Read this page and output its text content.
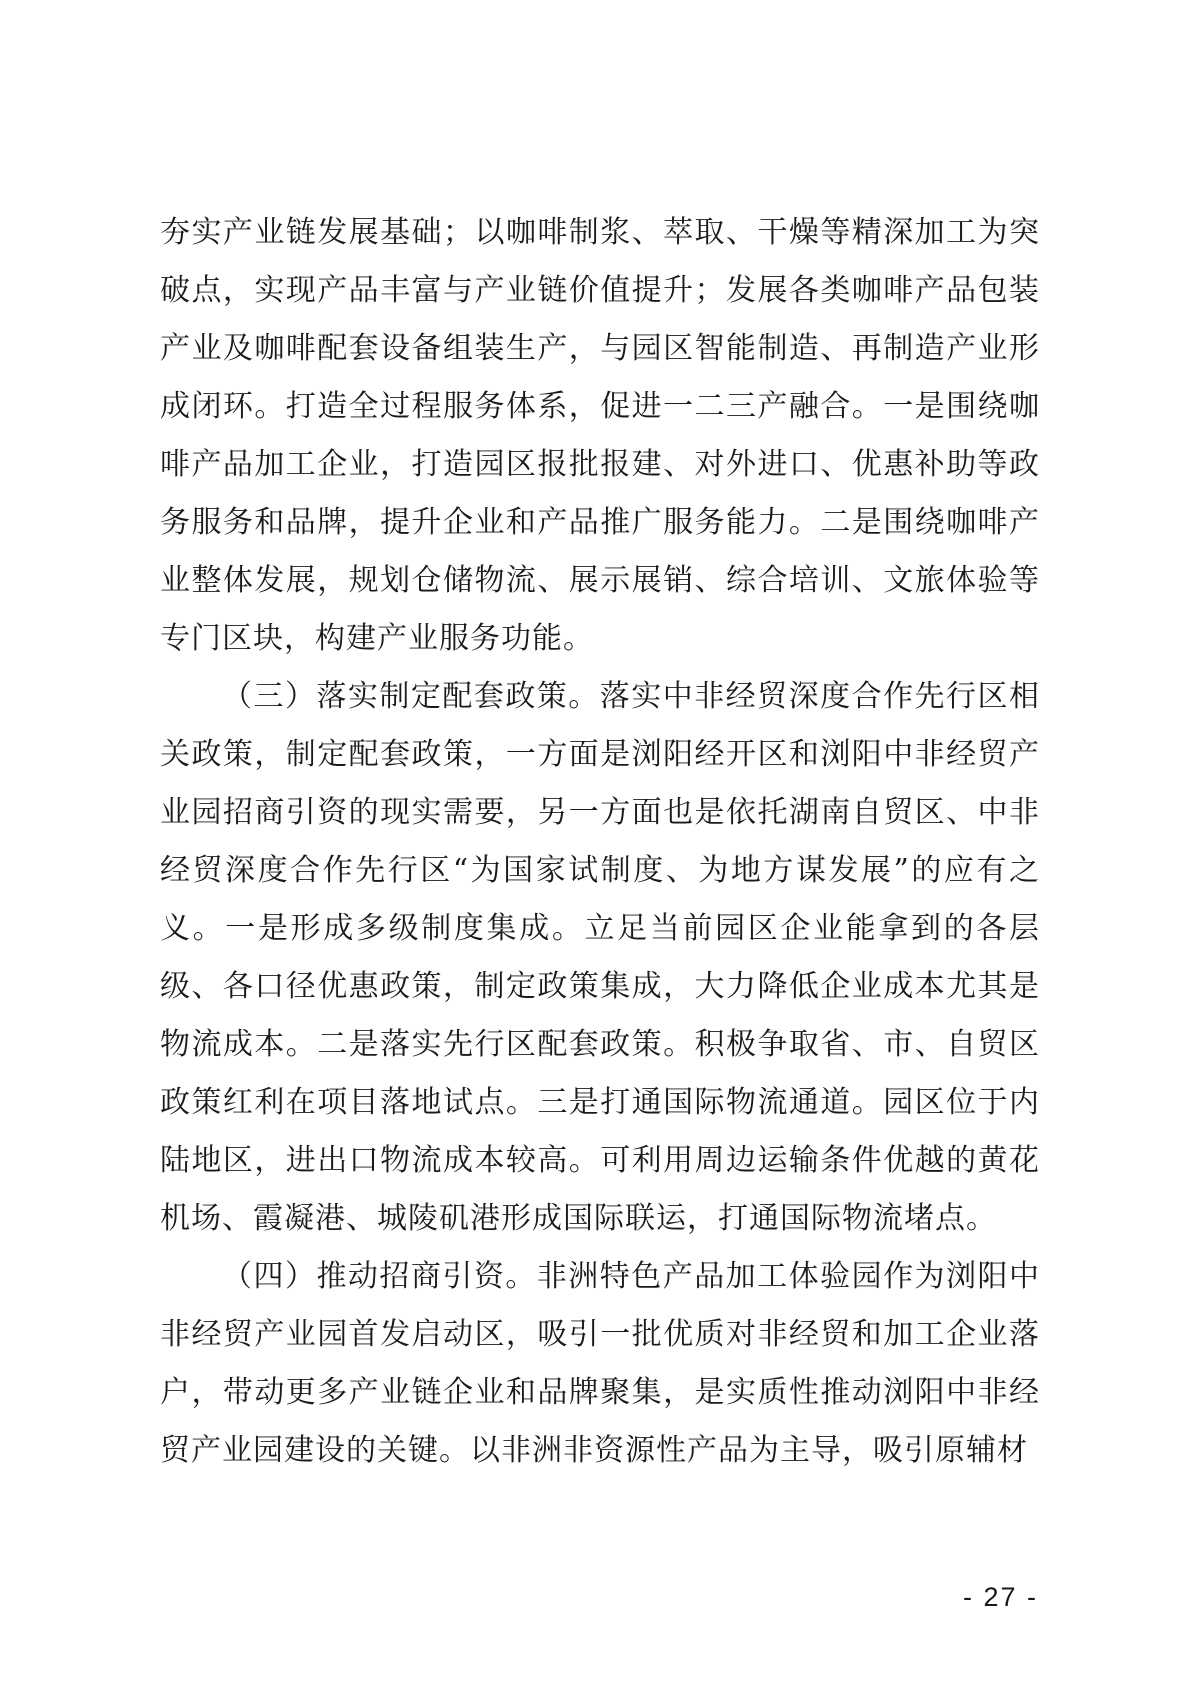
夯实产业链发展基础；以咖啡制浆、萃取、干燥等精深加工为突破点，实现产品丰富与产业链价值提升；发展各类咖啡产品包装产业及咖啡配套设备组装生产，与园区智能制造、再制造产业形成闭环。打造全过程服务体系，促进一二三产融合。一是围绕咖啡产品加工企业，打造园区报批报建、对外进口、优惠补助等政务服务和品牌，提升企业和产品推广服务能力。二是围绕咖啡产业整体发展，规划仓储物流、展示展销、综合培训、文旅体验等专门区块，构建产业服务功能。

（三）落实制定配套政策。落实中非经贸深度合作先行区相关政策，制定配套政策，一方面是浏阳经开区和浏阳中非经贸产业园招商引资的现实需要，另一方面也是依托湖南自贸区、中非经贸深度合作先行区“为国家试制度、为地方谋发展”的应有之义。一是形成多级制度集成。立足当前园区企业能拿到的各层级、各口径优惠政策，制定政策集成，大力降低企业成本尤其是物流成本。二是落实先行区配套政策。积极争取省、市、自贸区政策红利在项目落地试点。三是打通国际物流通道。园区位于内陆地区，进出口物流成本较高。可利用周边运输条件优越的黄花机场、霞凝港、城陵矶港形成国际联运，打通国际物流堵点。

（四）推动招商引资。非洲特色产品加工体验园作为浏阳中非经贸产业园首发启动区，吸引一批优质对非经贸和加工企业落户，带动更多产业链企业和品牌聚集，是实质性推动浏阳中非经贸产业园建设的关键。以非洲非资源性产品为主导，吸引原辅材

- 27 -
